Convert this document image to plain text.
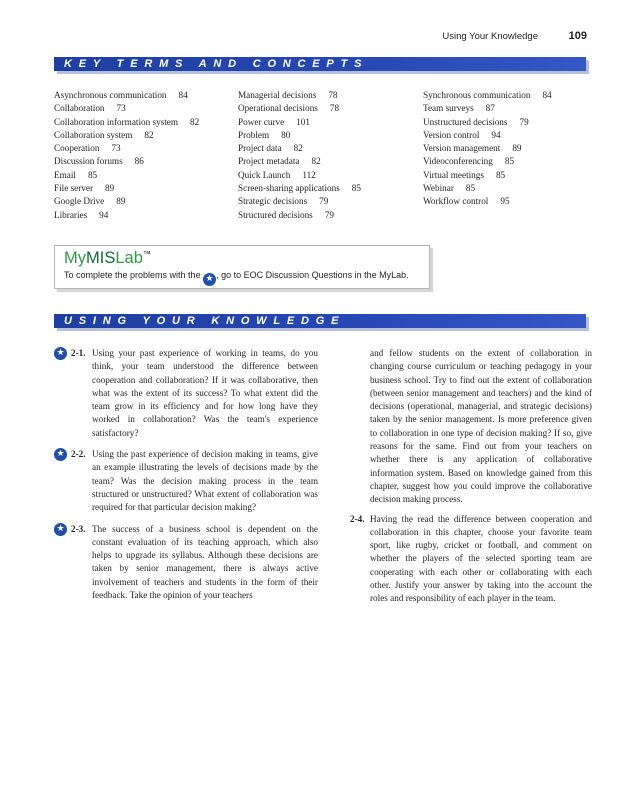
Using Your Knowledge	109
KEY TERMS AND CONCEPTS
Asynchronous communication 84
Collaboration 73
Collaboration information system 82
Collaboration system 82
Cooperation 73
Discussion forums 86
Email 85
File server 89
Google Drive 89
Libraries 94
Managerial decisions 78
Operational decisions 78
Power curve 101
Problem 80
Project data 82
Project metadata 82
Quick Launch 112
Screen-sharing applications 85
Strategic decisions 79
Structured decisions 79
Synchronous communication 84
Team surveys 87
Unstructured decisions 79
Version control 94
Version management 89
Videoconferencing 85
Virtual meetings 85
Webinar 85
Workflow control 95
MyMISLab™
To complete the problems with the ★ , go to EOC Discussion Questions in the MyLab.
USING YOUR KNOWLEDGE
★ 2-1. Using your past experience of working in teams, do you think, your team understood the difference between cooperation and collaboration? If it was collaborative, then what was the extent of its success? To what extent did the team grow in its efficiency and for how long have they worked in collaboration? Was the team's experience satisfactory?
★ 2-2. Using the past experience of decision making in teams, give an example illustrating the levels of decisions made by the team? Was the decision making process in the team structured or unstructured? What extent of collaboration was required for that particular decision making?
★ 2-3. The success of a business school is dependent on the constant evaluation of its teaching approach, which also helps to upgrade its syllabus. Although these decisions are taken by senior management, there is always active involvement of teachers and students in the form of their feedback. Take the opinion of your teachers
and fellow students on the extent of collaboration in changing course curriculum or teaching pedagogy in your business school. Try to find out the extent of collaboration (between senior management and teachers) and the kind of decisions (operational, managerial, and strategic decisions) taken by the senior management. Is more preference given to collaboration in one type of decision making? If so, give reasons for the same. Find out from your teachers on whether there is any application of collaborative information system. Based on knowledge gained from this chapter, suggest how you could improve the collaborative decision making process.
2-4. Having the read the difference between cooperation and collaboration in this chapter, choose your favorite team sport, like rugby, cricket or football, and comment on whether the players of the selected sporting team are cooperating with each other or collaborating with each other. Justify your answer by taking into the account the roles and responsibility of each player in the team.
